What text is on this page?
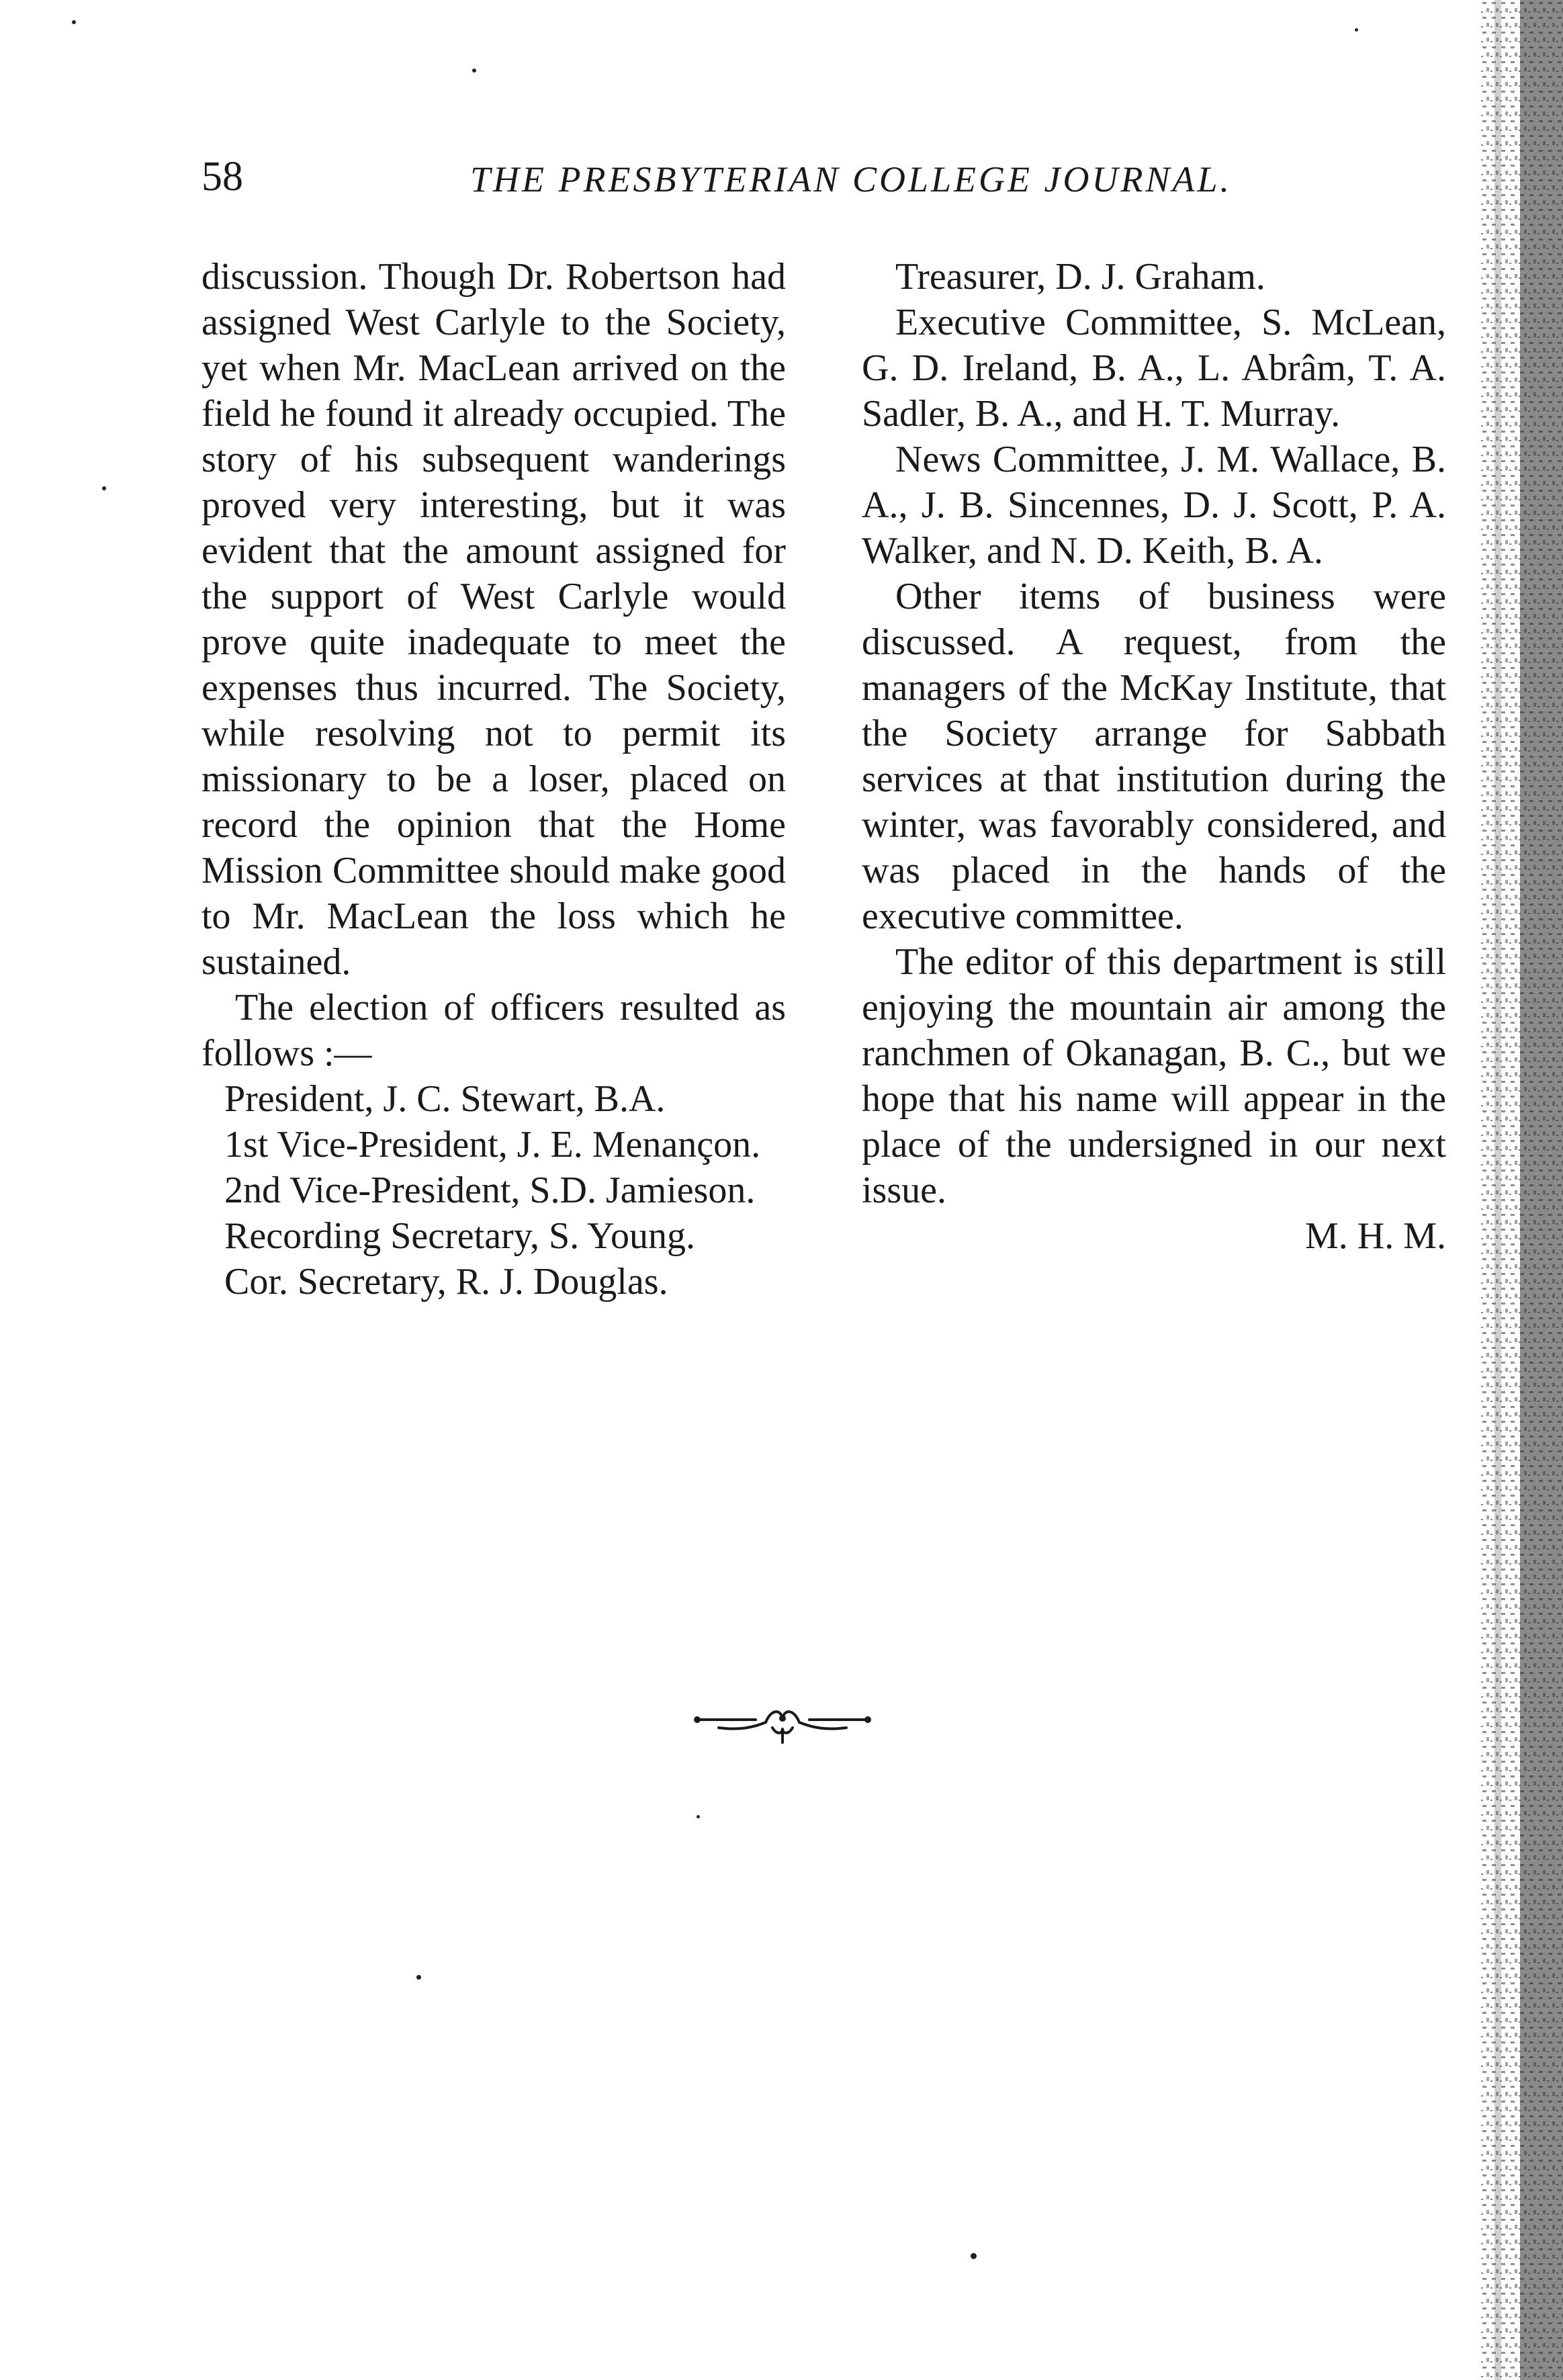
58	THE PRESBYTERIAN COLLEGE JOURNAL.

discussion. Though Dr. Robertson had assigned West Carlyle to the Society, yet when Mr. MacLean arrived on the field he found it already occupied. The story of his subsequent wanderings proved very interesting, but it was evident that the amount assigned for the support of West Carlyle would prove quite inadequate to meet the expenses thus incurred. The Society, while resolving not to permit its missionary to be a loser, placed on record the opinion that the Home Mission Committee should make good to Mr. MacLean the loss which he sustained.

The election of officers resulted as follows :—

President, J. C. Stewart, B.A.

1st Vice-President, J. E. Menançon.

2nd Vice-President, S.D. Jamieson.

Recording Secretary, S. Young.

Cor. Secretary, R. J. Douglas.

Treasurer, D. J. Graham.

Executive Committee, S. McLean, G. D. Ireland, B. A., L. Abrâm, T. A. Sadler, B. A., and H. T. Murray.

News Committee, J. M. Wallace, B. A., J. B. Sincennes, D. J. Scott, P. A. Walker, and N. D. Keith, B. A.

Other items of business were discussed. A request, from the managers of the McKay Institute, that the Society arrange for Sabbath services at that institution during the winter, was favorably considered, and was placed in the hands of the executive committee.

The editor of this department is still enjoying the mountain air among the ranchmen of Okanagan, B. C., but we hope that his name will appear in the place of the undersigned in our next issue.

M. H. M.
